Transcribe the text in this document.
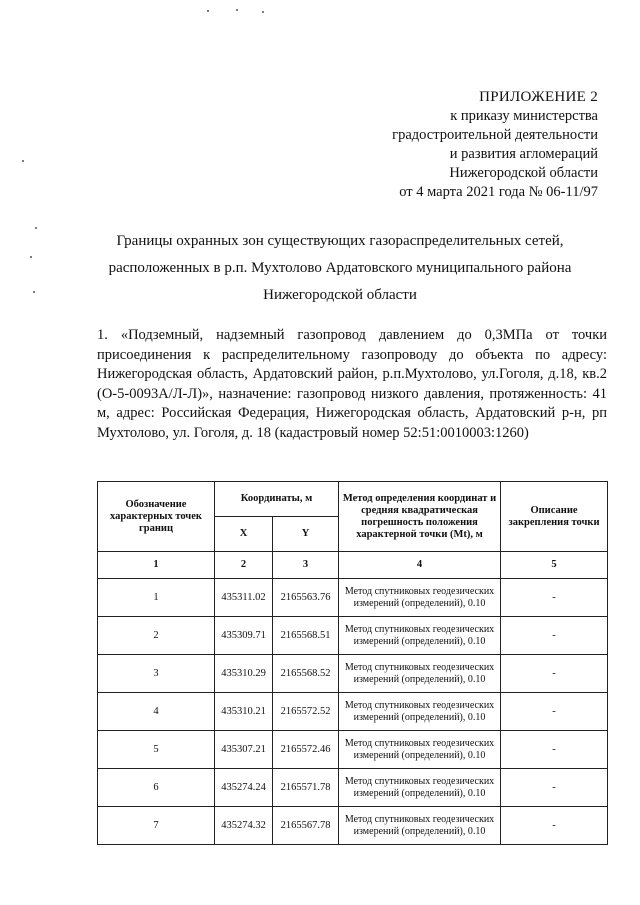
ПРИЛОЖЕНИЕ 2
к приказу министерства
градостроительной деятельности
и развития агломераций
Нижегородской области
от 4 марта 2021 года № 06-11/97
Границы охранных зон существующих газораспределительных сетей,
расположенных в р.п. Мухтолово Ардатовского муниципального района
Нижегородской области
1. «Подземный, надземный газопровод давлением до 0,3МПа от точки присоединения к распределительному газопроводу до объекта по адресу: Нижегородская область, Ардатовский район, р.п.Мухтолово, ул.Гоголя, д.18, кв.2 (О-5-0093А/Л-Л)», назначение: газопровод низкого давления, протяженность: 41 м, адрес: Российская Федерация, Нижегородская область, Ардатовский р-н, рп Мухтолово, ул. Гоголя, д. 18 (кадастровый номер 52:51:0010003:1260)
Обозначение характерных точек границ	Координаты, м		Метод определения координат и средняя квадратическая погрешность положения характерной точки (Mt), м	Описание закрепления точки
	X	Y		
1	2	3	4	5
1	435311.02	2165563.76	Метод спутниковых геодезических измерений (определений), 0.10	-
2	435309.71	2165568.51	Метод спутниковых геодезических измерений (определений), 0.10	-
3	435310.29	2165568.52	Метод спутниковых геодезических измерений (определений), 0.10	-
4	435310.21	2165572.52	Метод спутниковых геодезических измерений (определений), 0.10	-
5	435307.21	2165572.46	Метод спутниковых геодезических измерений (определений), 0.10	-
6	435274.24	2165571.78	Метод спутниковых геодезических измерений (определений), 0.10	-
7	435274.32	2165567.78	Метод спутниковых геодезических измерений (определений), 0.10	-
